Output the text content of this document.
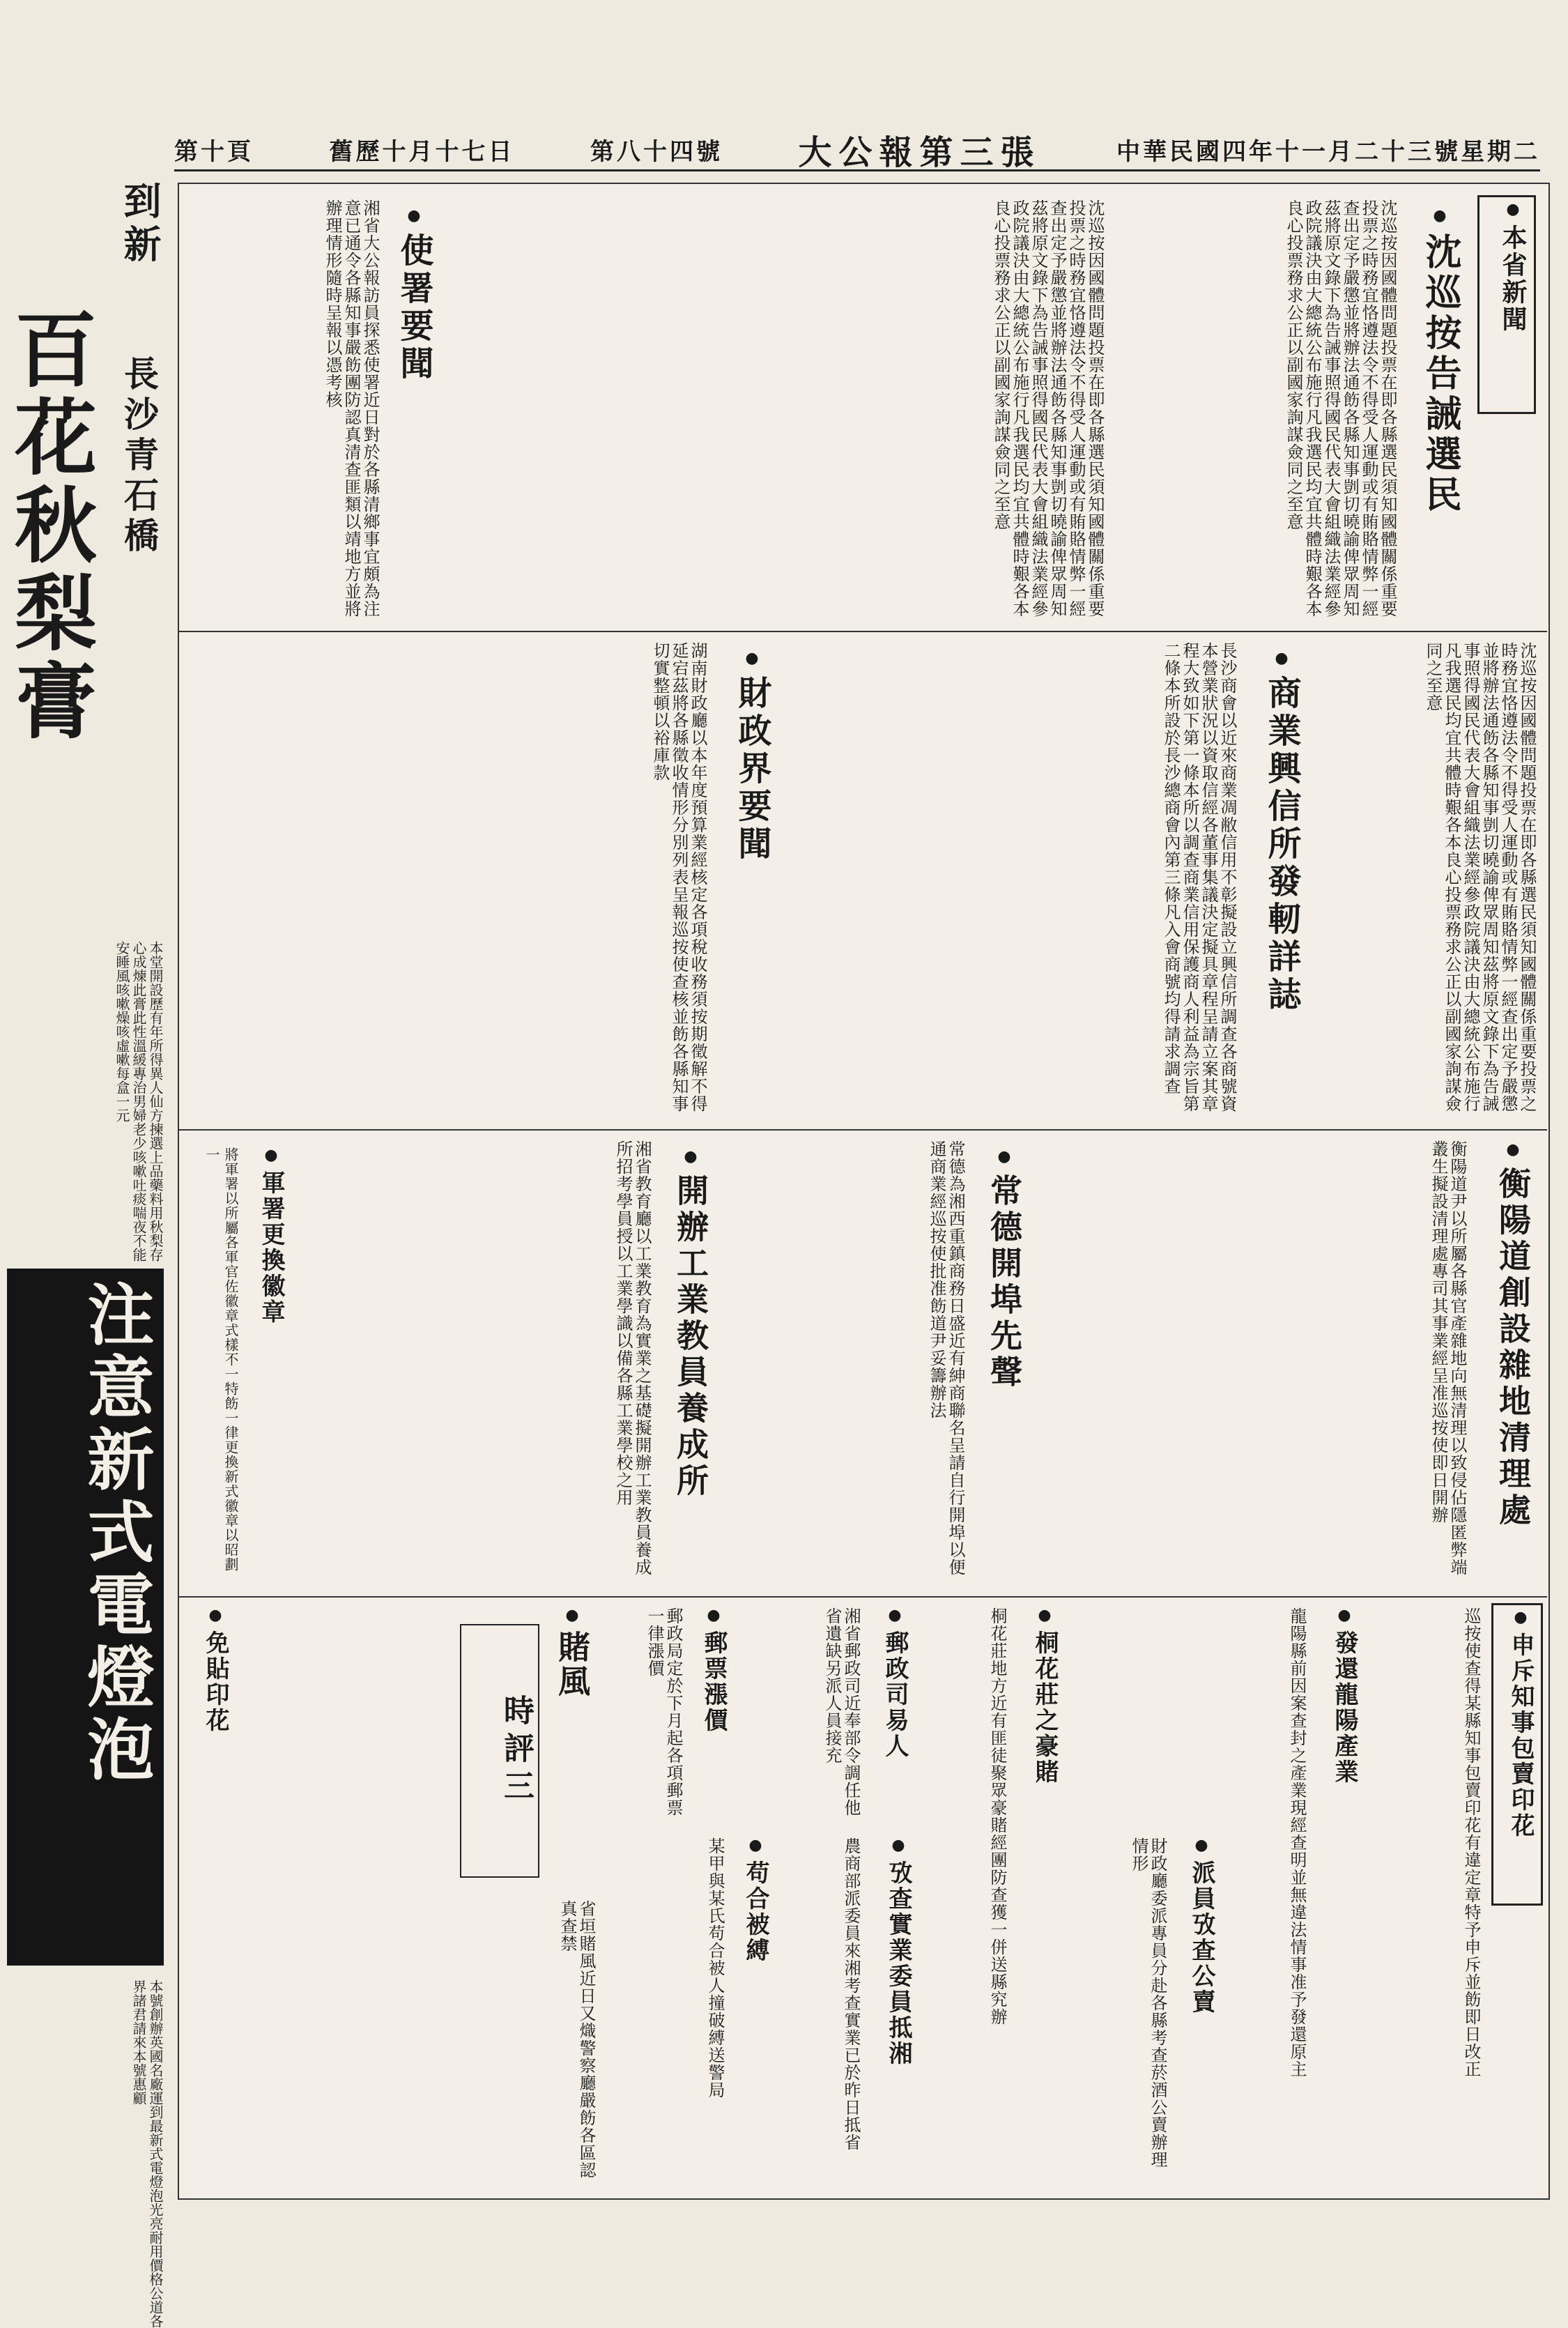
第十頁	舊歷十月十七日	第八十四號 大公報第三張	中華民國四年十一月二十三號星期二
到新
百花秋梨膏 長沙青石橋
本堂開設歷有年所得異人仙方揀選上品藥料用秋梨存心成煉此膏此性溫緩專治男婦老少咳嗽吐痰喘夜不能安睡風咳嗽燥咳虛嗽每盒一元
注意新式電燈泡
本號創辦英國名廠運到最新式電燈泡光亮耐用價格公道各界諸君請來本號惠顧
● 本省新聞
● 沈巡按告誡選民
沈巡按因國體問題投票在即各縣選民須知國體關係重要投票之時務宜恪遵法令不得受人運動或有賄賂情弊一經查出定予嚴懲並將辦法通飭各縣知事剴切曉諭俾眾周知茲將原文錄下為告誡事照得國民代表大會組織法業經參政院議決由大總統公布施行凡我選民均宜共體時艱各本良心投票務求公正以副國家詢謀僉同之至意
沈巡按因國體問題投票在即各縣選民須知國體關係重要投票之時務宜恪遵法令不得受人運動或有賄賂情弊一經查出定予嚴懲並將辦法通飭各縣知事剴切曉諭俾眾周知茲將原文錄下為告誡事照得國民代表大會組織法業經參政院議決由大總統公布施行凡我選民均宜共體時艱各本良心投票務求公正以副國家詢謀僉同之至意
● 使署要聞
湘省大公報訪員探悉使署近日對於各縣清鄉事宜頗為注意已通令各縣知事嚴飭團防認真清查匪類以靖地方並將辦理情形隨時呈報以憑考核
沈巡按因國體問題投票在即各縣選民須知國體關係重要投票之時務宜恪遵法令不得受人運動或有賄賂情弊一經查出定予嚴懲並將辦法通飭各縣知事剴切曉諭俾眾周知茲將原文錄下為告誡事照得國民代表大會組織法業經參政院議決由大總統公布施行凡我選民均宜共體時艱各本良心投票務求公正以副國家詢謀僉同之至意
● 商業興信所發軔詳誌
長沙商會以近來商業凋敝信用不彰擬設立興信所調查各商號資本營業狀況以資取信經各董事集議決定擬具章程呈請立案其章程大致如下第一條本所以調查商業信用保護商人利益為宗旨第二條本所設於長沙總商會內第三條凡入會商號均得請求調查
● 財政界要聞
湖南財政廳以本年度預算業經核定各項稅收務須按期徵解不得延宕茲將各縣徵收情形分別列表呈報巡按使查核並飭各縣知事切實整頓以裕庫款
● 衡陽道創設雜地清理處
衡陽道尹以所屬各縣官產雜地向無清理以致侵佔隱匿弊端叢生擬設清理處專司其事業經呈准巡按使即日開辦
● 常德開埠先聲
常德為湘西重鎮商務日盛近有紳商聯名呈請自行開埠以便通商業經巡按使批准飭道尹妥籌辦法
● 開辦工業教員養成所
湘省教育廳以工業教育為實業之基礎擬開辦工業教員養成所招考學員授以工業學識以備各縣工業學校之用
● 軍署更換徽章
將軍署以所屬各軍官佐徽章式樣不一特飭一律更換新式徽章以昭劃一
● 申斥知事包賣印花
巡按使查得某縣知事包賣印花有違定章特予申斥並飭即日改正
● 發還龍陽產業
龍陽縣前因案查封之產業現經查明並無違法情事准予發還原主
● 派員攷查公賣
財政廳委派專員分赴各縣考查菸酒公賣辦理情形
● 桐花莊之豪賭
桐花莊地方近有匪徒聚眾豪賭經團防查獲一併送縣究辦
● 攷查實業委員抵湘
農商部派委員來湘考查實業已於昨日抵省
● 郵政司易人
湘省郵政司近奉部令調任他省遺缺另派人員接充
● 郵票漲價
郵政局定於下月起各項郵票一律漲價
● 苟合被縛
某甲與某氏苟合被人撞破縛送警局
時評三
● 賭風
省垣賭風近日又熾警察廳嚴飭各區認真查禁
● 免貼印花
